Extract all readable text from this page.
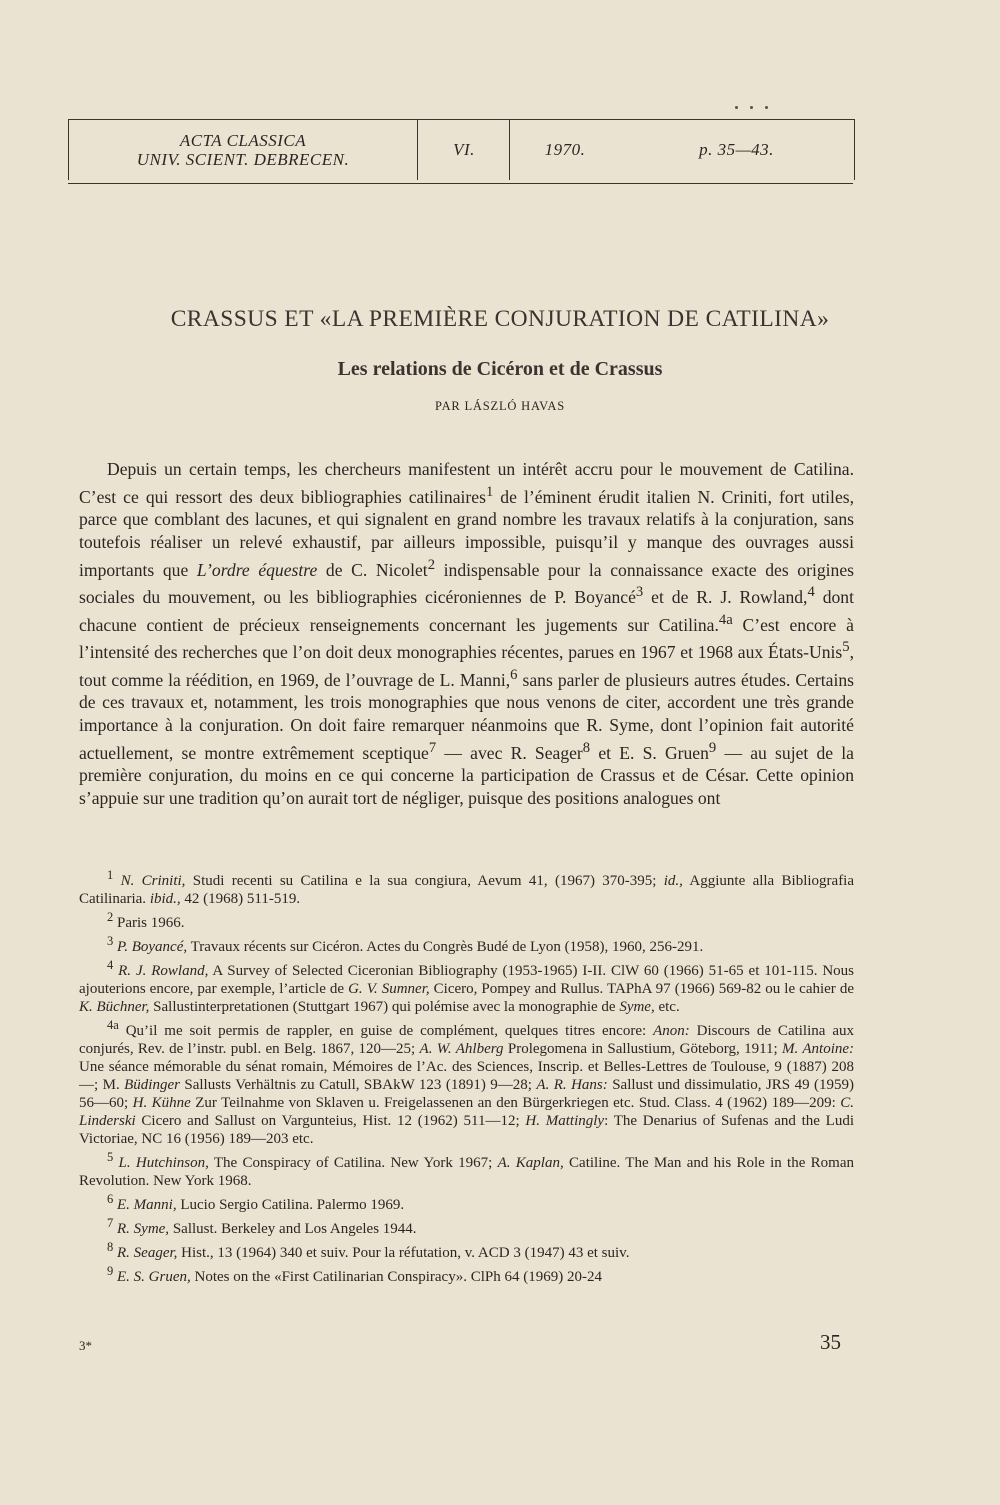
ACTA CLASSICA
UNIV. SCIENT. DEBRECEN.
VI.	1970.	p. 35—43.
CRASSUS ET «LA PREMIÈRE CONJURATION DE CATILINA»
Les relations de Cicéron et de Crassus
PAR LÁSZLÓ HAVAS

Depuis un certain temps, les chercheurs manifestent un intérêt accru pour le mouvement de Catilina. C’est ce qui ressort des deux bibliographies catilinaires$^1$ de l’éminent érudit italien N. Criniti, fort utiles, parce que comblant des lacunes, et qui signalent en grand nombre les travaux relatifs à la conjuration, sans toutefois réaliser un relevé exhaustif, par ailleurs impossible, puisqu’il y manque des ouvrages aussi importants que L’ordre équestre de C. Nicolet$^2$ indispensable pour la connaissance exacte des origines sociales du mouvement, ou les bibliographies cicéroniennes de P. Boyancé$^3$ et de R. J. Rowland,$^4$ dont chacune contient de précieux renseignements concernant les jugements sur Catilina.$^{4a}$ C’est encore à l’intensité des recherches que l’on doit deux monographies récentes, parues en 1967 et 1968 aux États-Unis$^5$, tout comme la réédition, en 1969, de l’ouvrage de L. Manni,$^6$ sans parler de plusieurs autres études. Certains de ces travaux et, notamment, les trois monographies que nous venons de citer, accordent une très grande importance à la conjuration. On doit faire remarquer néanmoins que R. Syme, dont l’opinion fait autorité actuellement, se montre extrêmement sceptique$^7$ — avec R. Seager$^8$ et E. S. Gruen$^9$ — au sujet de la première conjuration, du moins en ce qui concerne la participation de Crassus et de César. Cette opinion s’appuie sur une tradition qu’on aurait tort de négliger, puisque des positions analogues ont

$^1$ N. Criniti, Studi recenti su Catilina e la sua congiura, Aevum 41, (1967) 370-395; id., Aggiunte alla Bibliografia Catilinaria. ibid., 42 (1968) 511-519.

$^2$ Paris 1966.

$^3$ P. Boyancé, Travaux récents sur Cicéron. Actes du Congrès Budé de Lyon (1958), 1960, 256-291.

$^4$ R. J. Rowland, A Survey of Selected Ciceronian Bibliography (1953-1965) I-II. ClW 60 (1966) 51-65 et 101-115. Nous ajouterions encore, par exemple, l’article de G. V. Sumner, Cicero, Pompey and Rullus. TAPhA 97 (1966) 569-82 ou le cahier de K. Büchner, Sallustinterpretationen (Stuttgart 1967) qui polémise avec la monographie de Syme, etc.

$^{4a}$ Qu’il me soit permis de rappler, en guise de complément, quelques titres encore: Anon: Discours de Catilina aux conjurés, Rev. de l’instr. publ. en Belg. 1867, 120—25; A. W. Ahlberg Prolegomena in Sallustium, Göteborg, 1911; M. Antoine: Une séance mémorable du sénat romain, Mémoires de l’Ac. des Sciences, Inscrip. et Belles-Lettres de Toulouse, 9 (1887) 208—; M. Büdinger Sallusts Verhältnis zu Catull, SBAkW 123 (1891) 9—28; A. R. Hans: Sallust und dissimulatio, JRS 49 (1959) 56—60; H. Kühne Zur Teilnahme von Sklaven u. Freigelassenen an den Bürgerkriegen etc. Stud. Class. 4 (1962) 189—209: C. Linderski Cicero and Sallust on Vargunteius, Hist. 12 (1962) 511—12; H. Mattingly: The Denarius of Sufenas and the Ludi Victoriae, NC 16 (1956) 189—203 etc.

$^5$ L. Hutchinson, The Conspiracy of Catilina. New York 1967; A. Kaplan, Catiline. The Man and his Role in the Roman Revolution. New York 1968.

$^6$ E. Manni, Lucio Sergio Catilina. Palermo 1969.

$^7$ R. Syme, Sallust. Berkeley and Los Angeles 1944.

$^8$ R. Seager, Hist., 13 (1964) 340 et suiv. Pour la réfutation, v. ACD 3 (1947) 43 et suiv.

$^9$ E. S. Gruen, Notes on the «First Catilinarian Conspiracy». ClPh 64 (1969) 20-24

3*	35
